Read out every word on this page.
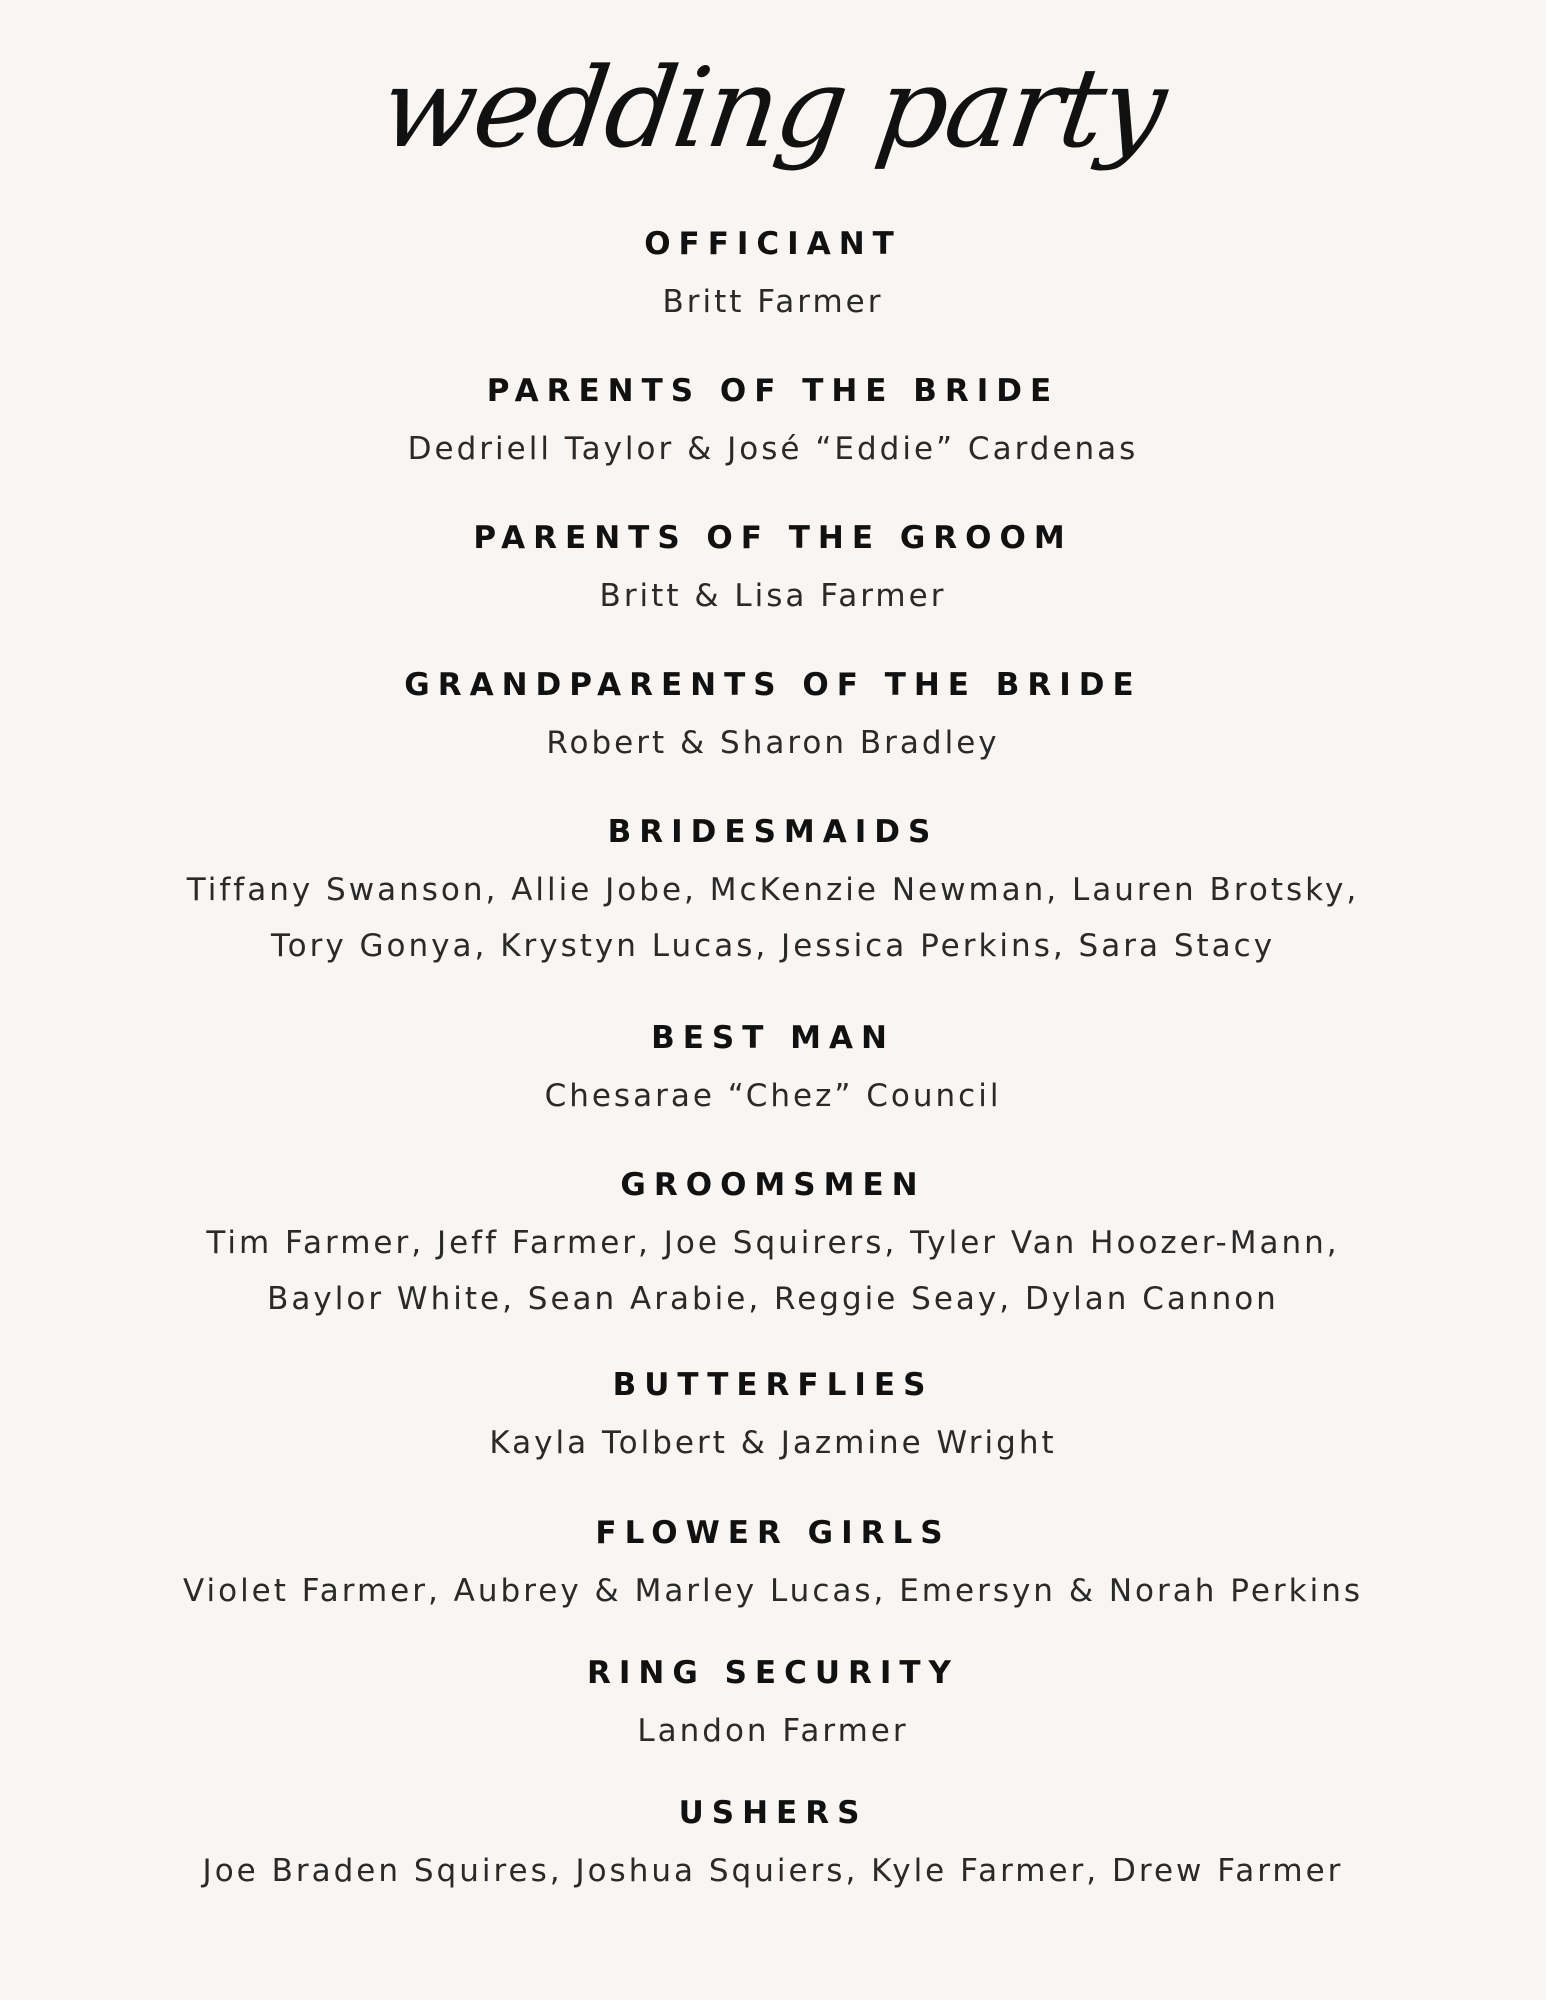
wedding party
OFFICIANT
Britt Farmer
PARENTS OF THE BRIDE
Dedriell Taylor & José “Eddie” Cardenas
PARENTS OF THE GROOM
Britt & Lisa Farmer
GRANDPARENTS OF THE BRIDE
Robert & Sharon Bradley
BRIDESMAIDS
Tiffany Swanson, Allie Jobe, McKenzie Newman, Lauren Brotsky,
Tory Gonya, Krystyn Lucas, Jessica Perkins, Sara Stacy
BEST MAN
Chesarae “Chez” Council
GROOMSMEN
Tim Farmer, Jeff Farmer, Joe Squirers, Tyler Van Hoozer-Mann,
Baylor White, Sean Arabie, Reggie Seay, Dylan Cannon
BUTTERFLIES
Kayla Tolbert & Jazmine Wright
FLOWER GIRLS
Violet Farmer, Aubrey & Marley Lucas, Emersyn & Norah Perkins
RING SECURITY
Landon Farmer
USHERS
Joe Braden Squires, Joshua Squiers, Kyle Farmer, Drew Farmer
